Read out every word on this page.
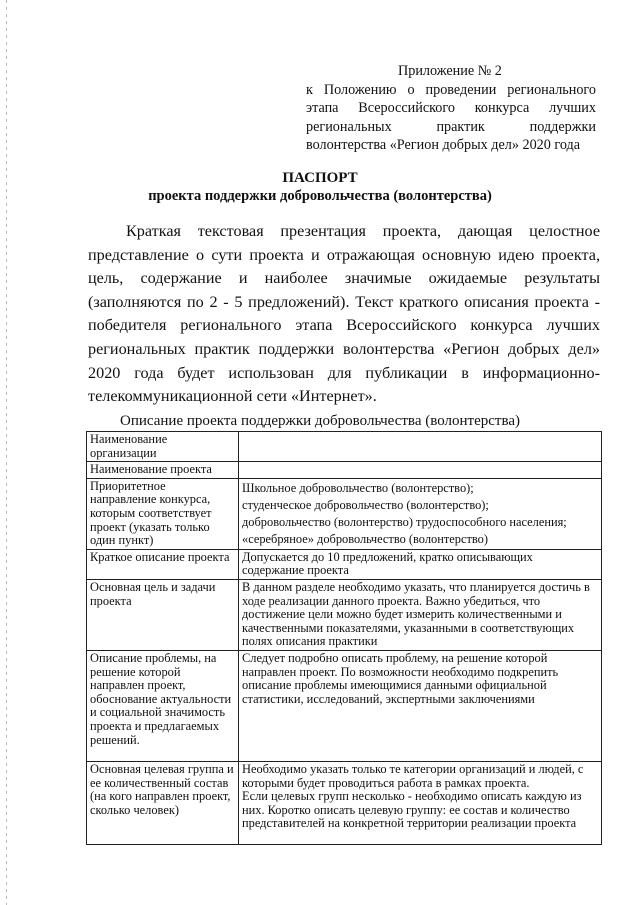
Приложение № 2
к Положению о проведении регионального этапа Всероссийского конкурса лучших региональных практик поддержки
волонтерства «Регион добрых дел» 2020 года
ПАСПОРТ
проекта поддержки добровольчества (волонтерства)
Краткая текстовая презентация проекта, дающая целостное представление о сути проекта и отражающая основную идею проекта, цель, содержание и наиболее значимые ожидаемые результаты (заполняются по 2 - 5 предложений). Текст краткого описания проекта - победителя регионального этапа Всероссийского конкурса лучших региональных практик поддержки волонтерства «Регион добрых дел» 2020 года будет использован для публикации в информационно-телекоммуникационной сети «Интернет».
Описание проекта поддержки добровольчества (волонтерства)
Наименование организации	
Наименование проекта	
Приоритетное направление конкурса, которым соответствует проект (указать только один пункт)	Школьное добровольчество (волонтерство);
студенческое добровольчество (волонтерство);
добровольчество (волонтерство) трудоспособного населения;
«серебряное» добровольчество (волонтерство)
Краткое описание проекта	Допускается до 10 предложений, кратко описывающих содержание проекта
Основная цель и задачи проекта	В данном разделе необходимо указать, что планируется достичь в ходе реализации данного проекта. Важно убедиться, что достижение цели можно будет измерить количественными и качественными показателями, указанными в соответствующих полях описания практики
Описание проблемы, на решение которой направлен проект, обоснование актуальности и социальной значимость проекта и предлагаемых решений.	Следует подробно описать проблему, на решение которой направлен проект. По возможности необходимо подкрепить описание проблемы имеющимися данными официальной статистики, исследований, экспертными заключениями
Основная целевая группа и ее количественный состав (на кого направлен проект, сколько человек)	Необходимо указать только те категории организаций и людей, с которыми будет проводиться работа в рамках проекта.
Если целевых групп несколько - необходимо описать каждую из них. Коротко описать целевую группу: ее состав и количество представителей на конкретной территории реализации проекта
